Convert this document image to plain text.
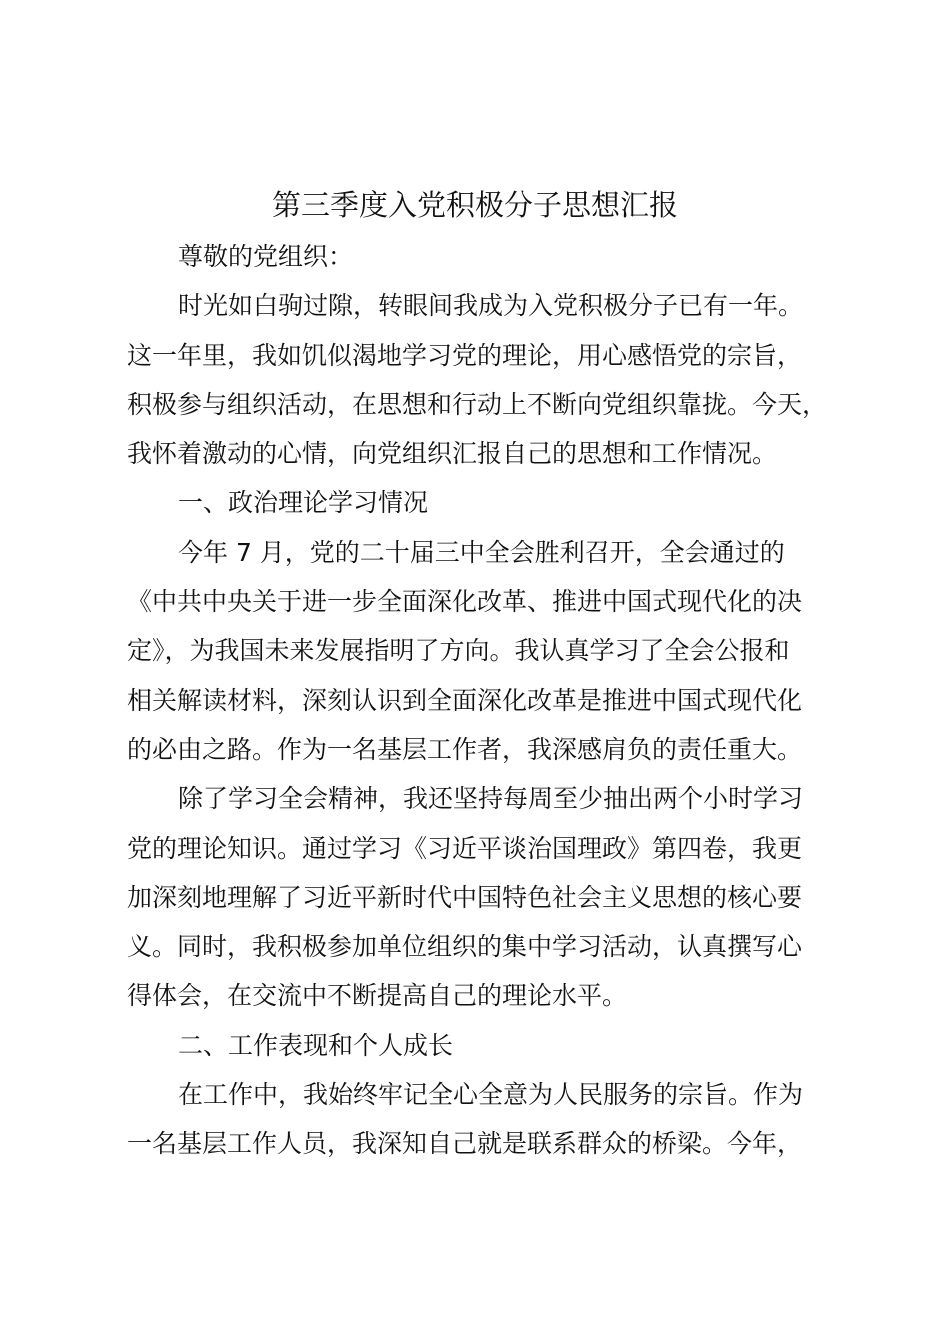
第三季度入党积极分子思想汇报
尊敬的党组织：
时光如白驹过隙，转眼间我成为入党积极分子已有一年。
这一年里，我如饥似渴地学习党的理论，用心感悟党的宗旨，
积极参与组织活动，在思想和行动上不断向党组织靠拢。今天，
我怀着激动的心情，向党组织汇报自己的思想和工作情况。
一、政治理论学习情况
今年 7 月，党的二十届三中全会胜利召开，全会通过的
《中共中央关于进一步全面深化改革、推进中国式现代化的决
定》，为我国未来发展指明了方向。我认真学习了全会公报和
相关解读材料，深刻认识到全面深化改革是推进中国式现代化
的必由之路。作为一名基层工作者，我深感肩负的责任重大。
除了学习全会精神，我还坚持每周至少抽出两个小时学习
党的理论知识。通过学习《习近平谈治国理政》第四卷，我更
加深刻地理解了习近平新时代中国特色社会主义思想的核心要
义。同时，我积极参加单位组织的集中学习活动，认真撰写心
得体会，在交流中不断提高自己的理论水平。
二、工作表现和个人成长
在工作中，我始终牢记全心全意为人民服务的宗旨。作为
一名基层工作人员，我深知自己就是联系群众的桥梁。今年，
